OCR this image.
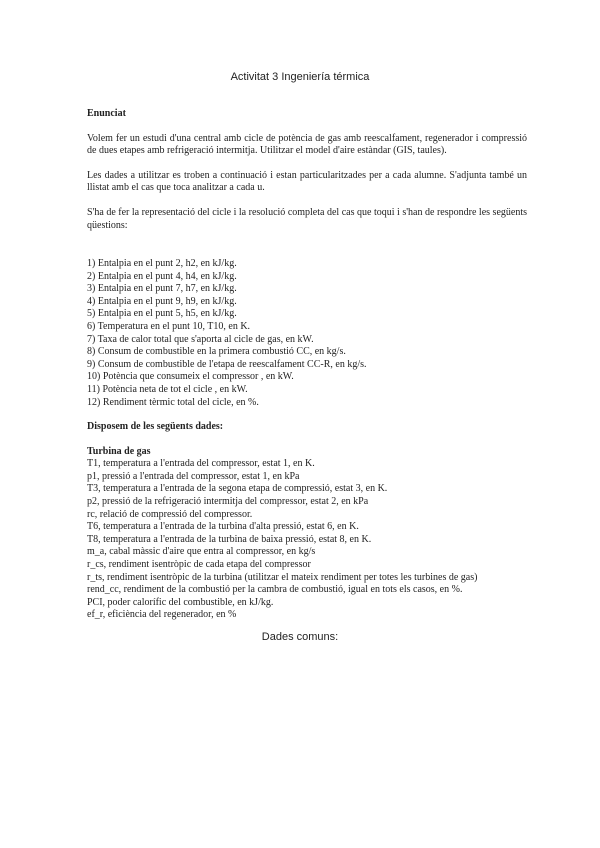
Activitat 3 Ingeniería térmica
Enunciat

Volem fer un estudi d'una central amb cicle de potència de gas amb reescalfament, regenerador i compressió de dues etapes amb refrigeració intermitja. Utilitzar el model d'aire estàndar (GIS, taules).

Les dades a utilitzar es troben a continuació i estan particularitzades per a cada alumne. S'adjunta també un llistat amb el cas que toca analitzar a cada u.

S'ha de fer la representació del cicle i la resolució completa del cas que toqui i s'han de respondre les següents qüestions:

1) Entalpia en el punt 2, h2, en kJ/kg.
2) Entalpia en el punt 4, h4, en kJ/kg.
3) Entalpia en el punt 7, h7, en kJ/kg.
4) Entalpia en el punt 9, h9, en kJ/kg.
5) Entalpia en el punt 5, h5, en kJ/kg.
6) Temperatura en el punt 10, T10, en K.
7) Taxa de calor total que s'aporta al cicle de gas, en kW.
8) Consum de combustible en la primera combustió CC, en kg/s.
9) Consum de combustible de l'etapa de reescalfament CC-R, en kg/s.
10) Potència que consumeix el compressor , en kW.
11) Potència neta de tot el cicle , en kW.
12) Rendiment tèrmic total del cicle, en %.
Disposem de les següents dades:
Turbina de gas
T1, temperatura a l'entrada del compressor, estat 1, en K.
p1, pressió a l'entrada del compressor, estat 1, en kPa
T3, temperatura a l'entrada de la segona etapa de compressió, estat 3, en K.
p2, pressió de la refrigeració intermitja del compressor, estat 2, en kPa
rc, relació de compressió del compressor.
T6, temperatura a l'entrada de la turbina d'alta pressió, estat 6, en K.
T8, temperatura a l'entrada de la turbina de baixa pressió, estat 8, en K.
m_a, cabal màssic d'aire que entra al compressor, en kg/s
r_cs, rendiment isentròpic de cada etapa del compressor
r_ts, rendiment isentròpic de la turbina (utilitzar el mateix rendiment per totes les turbines de gas)
rend_cc, rendiment de la combustió per la cambra de combustió, igual en tots els casos, en %.
PCI, poder calorífic del combustible, en kJ/kg.
ef_r, eficiència del regenerador, en %
Dades comuns:
